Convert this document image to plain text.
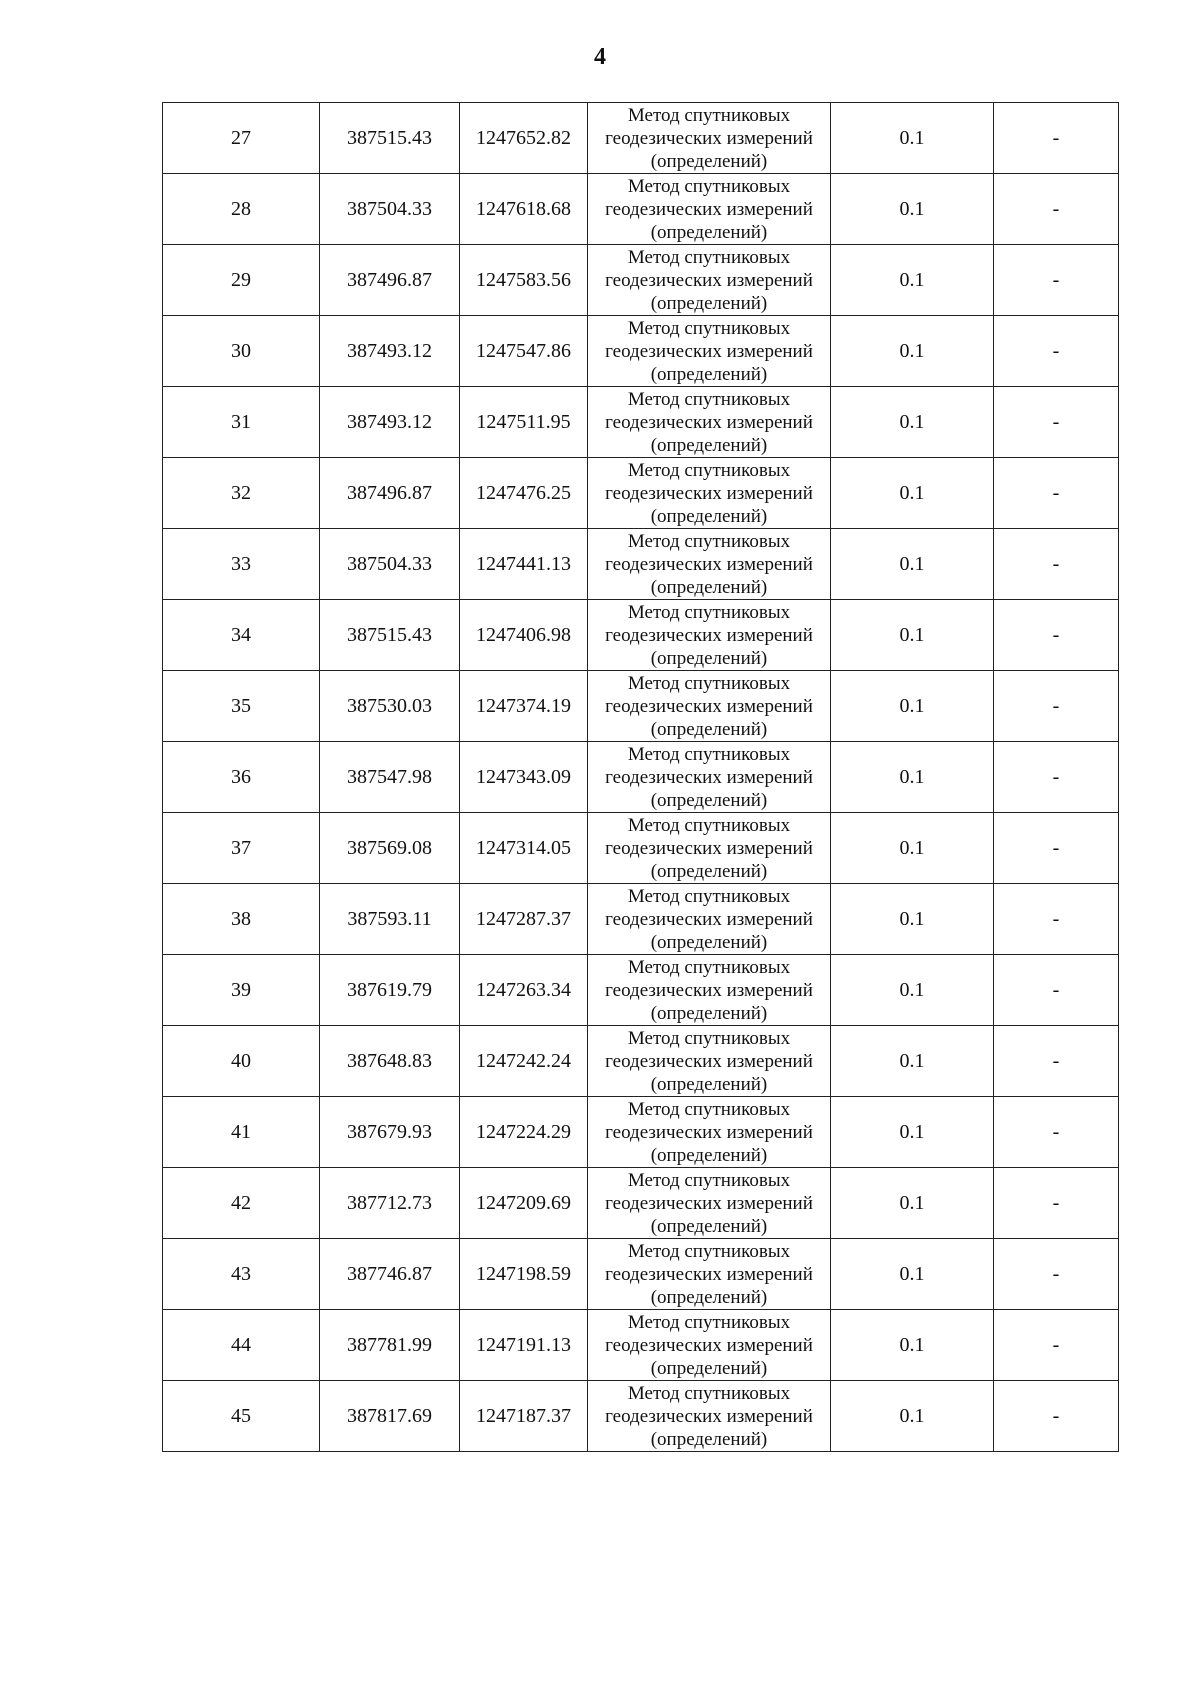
4
27	387515.43	1247652.82	Метод спутниковых
геодезических измерений
(определений)	0.1	-
28	387504.33	1247618.68	Метод спутниковых
геодезических измерений
(определений)	0.1	-
29	387496.87	1247583.56	Метод спутниковых
геодезических измерений
(определений)	0.1	-
30	387493.12	1247547.86	Метод спутниковых
геодезических измерений
(определений)	0.1	-
31	387493.12	1247511.95	Метод спутниковых
геодезических измерений
(определений)	0.1	-
32	387496.87	1247476.25	Метод спутниковых
геодезических измерений
(определений)	0.1	-
33	387504.33	1247441.13	Метод спутниковых
геодезических измерений
(определений)	0.1	-
34	387515.43	1247406.98	Метод спутниковых
геодезических измерений
(определений)	0.1	-
35	387530.03	1247374.19	Метод спутниковых
геодезических измерений
(определений)	0.1	-
36	387547.98	1247343.09	Метод спутниковых
геодезических измерений
(определений)	0.1	-
37	387569.08	1247314.05	Метод спутниковых
геодезических измерений
(определений)	0.1	-
38	387593.11	1247287.37	Метод спутниковых
геодезических измерений
(определений)	0.1	-
39	387619.79	1247263.34	Метод спутниковых
геодезических измерений
(определений)	0.1	-
40	387648.83	1247242.24	Метод спутниковых
геодезических измерений
(определений)	0.1	-
41	387679.93	1247224.29	Метод спутниковых
геодезических измерений
(определений)	0.1	-
42	387712.73	1247209.69	Метод спутниковых
геодезических измерений
(определений)	0.1	-
43	387746.87	1247198.59	Метод спутниковых
геодезических измерений
(определений)	0.1	-
44	387781.99	1247191.13	Метод спутниковых
геодезических измерений
(определений)	0.1	-
45	387817.69	1247187.37	Метод спутниковых
геодезических измерений
(определений)	0.1	-
